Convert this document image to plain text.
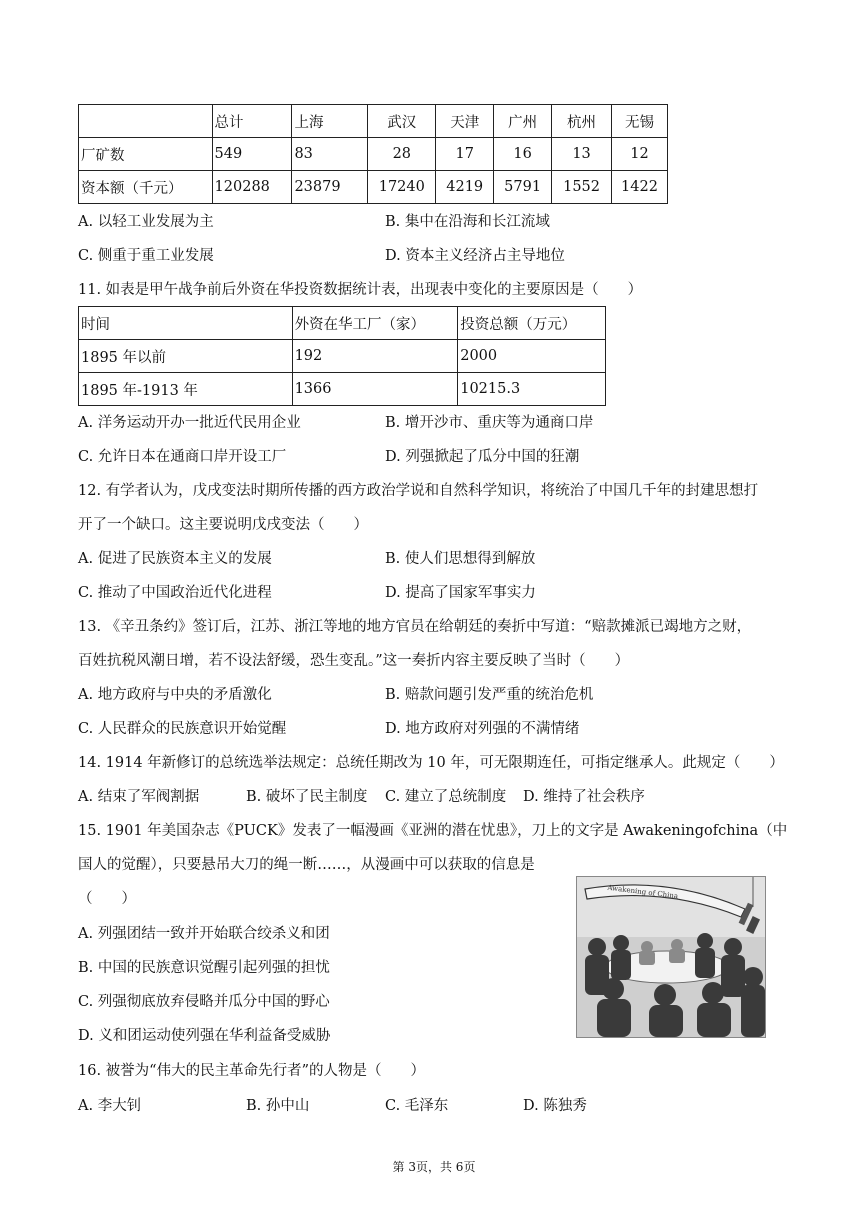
	总计	上海	武汉	天津	广州	杭州	无锡
厂矿数	549	83	28	17	16	13	12
资本额（千元）	120288	23879	17240	4219	5791	1552	1422
A. 以轻工业发展为主	B. 集中在沿海和长江流域
C. 侧重于重工业发展	D. 资本主义经济占主导地位
11. 如表是甲午战争前后外资在华投资数据统计表，出现表中变化的主要原因是（　　）
时间	外资在华工厂（家）	投资总额（万元）
1895 年以前	192	2000
1895 年-1913 年	1366	10215.3
A. 洋务运动开办一批近代民用企业	B. 增开沙市、重庆等为通商口岸
C. 允许日本在通商口岸开设工厂	D. 列强掀起了瓜分中国的狂潮
12. 有学者认为，戊戌变法时期所传播的西方政治学说和自然科学知识，将统治了中国几千年的封建思想打
开了一个缺口。这主要说明戊戌变法（　　）
A. 促进了民族资本主义的发展	B. 使人们思想得到解放
C. 推动了中国政治近代化进程	D. 提高了国家军事实力
13. 《辛丑条约》签订后，江苏、浙江等地的地方官员在给朝廷的奏折中写道：“赔款摊派已竭地方之财，
百姓抗税风潮日增，若不设法舒缓，恐生变乱。”这一奏折内容主要反映了当时（　　）
A. 地方政府与中央的矛盾激化	B. 赔款问题引发严重的统治危机
C. 人民群众的民族意识开始觉醒	D. 地方政府对列强的不满情绪
14. 1914 年新修订的总统选举法规定：总统任期改为 10 年，可无限期连任，可指定继承人。此规定（　　）
A. 结束了军阀割据	B. 破坏了民主制度 C. 建立了总统制度 D. 维持了社会秩序
15. 1901 年美国杂志《PUCK》发表了一幅漫画《亚洲的潜在忧患》，刀上的文字是 Awakeningofchina（中
国人的觉醒），只要悬吊大刀的绳一断……，从漫画中可以获取的信息是
（　　）
A. 列强团结一致并开始联合绞杀义和团
B. 中国的民族意识觉醒引起列强的担忧
C. 列强彻底放弃侵略并瓜分中国的野心
D. 义和团运动使列强在华利益备受威胁
Awakening of China
16. 被誉为“伟大的民主革命先行者”的人物是（　　）
A. 李大钊	B. 孙中山	C. 毛泽东	D. 陈独秀
第 3页，共 6页
